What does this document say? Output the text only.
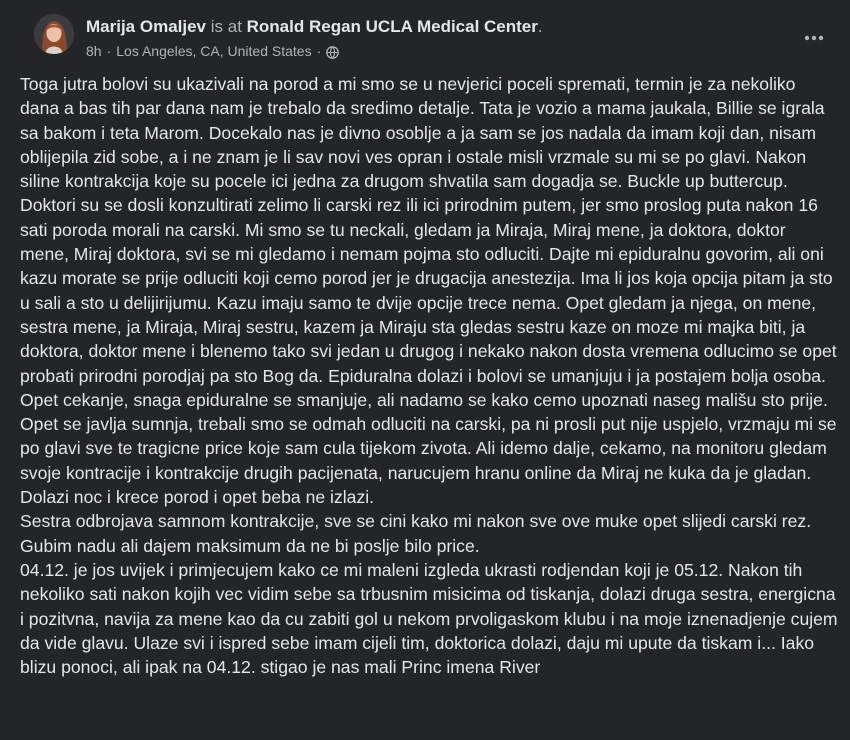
Marija Omaljev is at Ronald Regan UCLA Medical Center.
8h · Los Angeles, CA, United States ·

Toga jutra bolovi su ukazivali na porod a mi smo se u nevjerici poceli spremati, termin je za nekoliko dana a bas tih par dana nam je trebalo da sredimo detalje. Tata je vozio a mama jaukala, Billie se igrala sa bakom i teta Marom. Docekalo nas je divno osoblje a ja sam se jos nadala da imam koji dan, nisam oblijepila zid sobe, a i ne znam je li sav novi ves opran i ostale misli vrzmale su mi se po glavi. Nakon siline kontrakcija koje su pocele ici jedna za drugom shvatila sam dogadja se. Buckle up buttercup. Doktori su se dosli konzultirati zelimo li carski rez ili ici prirodnim putem, jer smo proslog puta nakon 16 sati poroda morali na carski. Mi smo se tu neckali, gledam ja Miraja, Miraj mene, ja doktora, doktor mene, Miraj doktora, svi se mi gledamo i nemam pojma sto odluciti. Dajte mi epiduralnu govorim, ali oni kazu morate se prije odluciti koji cemo porod jer je drugacija anestezija. Ima li jos koja opcija pitam ja sto u sali a sto u delijirijumu. Kazu imaju samo te dvije opcije trece nema. Opet gledam ja njega, on mene, sestra mene, ja Miraja, Miraj sestru, kazem ja Miraju sta gledas sestru kaze on moze mi majka biti, ja doktora, doktor mene i blenemo tako svi jedan u drugog i nekako nakon dosta vremena odlucimo se opet probati prirodni porodjaj pa sto Bog da. Epiduralna dolazi i bolovi se umanjuju i ja postajem bolja osoba. Opet cekanje, snaga epiduralne se smanjuje, ali nadamo se kako cemo upoznati naseg mališu sto prije. Opet se javlja sumnja, trebali smo se odmah odluciti na carski, pa ni prosli put nije uspjelo, vrzmaju mi se po glavi sve te tragicne price koje sam cula tijekom zivota. Ali idemo dalje, cekamo, na monitoru gledam svoje kontracije i kontrakcije drugih pacijenata, narucujem hranu online da Miraj ne kuka da je gladan. Dolazi noc i krece porod i opet beba ne izlazi.

Sestra odbrojava samnom kontrakcije, sve se cini kako mi nakon sve ove muke opet slijedi carski rez. Gubim nadu ali dajem maksimum da ne bi poslje bilo price.

04.12. je jos uvijek i primjecujem kako ce mi maleni izgleda ukrasti rodjendan koji je 05.12. Nakon tih nekoliko sati nakon kojih vec vidim sebe sa trbusnim misicima od tiskanja, dolazi druga sestra, energicna i pozitvna, navija za mene kao da cu zabiti gol u nekom prvoligaskom klubu i na moje iznenadjenje cujem da vide glavu. Ulaze svi i ispred sebe imam cijeli tim, doktorica dolazi, daju mi upute da tiskam i... Iako blizu ponoci, ali ipak na 04.12. stigao je nas mali Princ imena River
